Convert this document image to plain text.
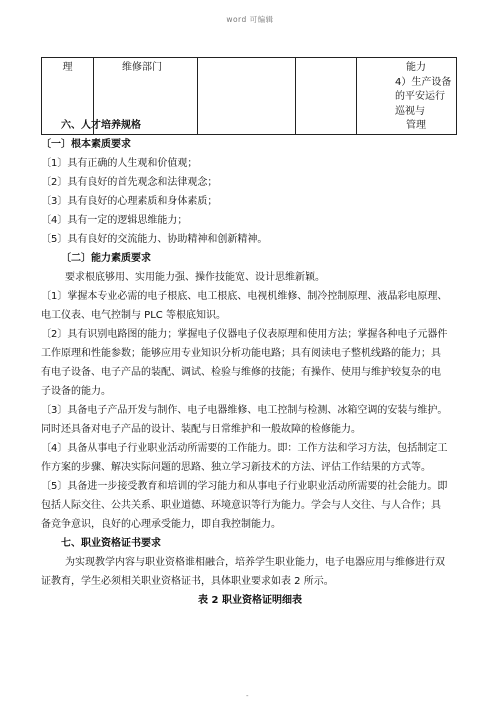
word 可编辑
理	维修部门			能力
4）生产设备的平安运行巡视与
管理
六、人才培养规格
〔一〕根本素质要求
〔1〕具有正确的人生观和价值观；
〔2〕具有良好的首先观念和法律观念；
〔3〕具有良好的心理素质和身体素质；
〔4〕具有一定的逻辑思维能力；
〔5〕具有良好的交流能力、协助精神和创新精神。
〔二〕能力素质要求
要求根底够用、实用能力强、操作技能宽、设计思维新颖。
〔1〕掌握本专业必需的电子根底、电工根底、电视机维修、制冷控制原理、液晶彩电原理、
电工仪表、电气控制与 PLC 等根底知识。
〔2〕具有识别电路图的能力；掌握电子仪器电子仪表原理和使用方法；掌握各种电子元器件
工作原理和性能参数；能够应用专业知识分析功能电路；具有阅读电子整机线路的能力；具
有电子设备、电子产品的装配、调试、检验与维修的技能；有操作、使用与维护较复杂的电
子设备的能力。
〔3〕具备电子产品开发与制作、电子电器维修、电工控制与检测、冰箱空调的安装与维护。
同时还具备对电子产品的设计、装配与日常维护和一般故障的检修能力。
〔4〕具备从事电子行业职业活动所需要的工作能力。即：工作方法和学习方法，包括制定工
作方案的步骤、解决实际问题的思路、独立学习新技术的方法、评估工作结果的方式等。
〔5〕具备进一步接受教育和培训的学习能力和从事电子行业职业活动所需要的社会能力。即
包括人际交往、公共关系、职业道德、环境意识等行为能力。学会与人交往、与人合作；具
备竞争意识，良好的心理承受能力，即自我控制能力。
七、职业资格证书要求
为实现教学内容与职业资格谁相融合，培养学生职业能力，电子电器应用与维修进行双
证教育，学生必须相关职业资格证书，具体职业要求如表 2 所示。
表 2 职业资格证明细表
-
